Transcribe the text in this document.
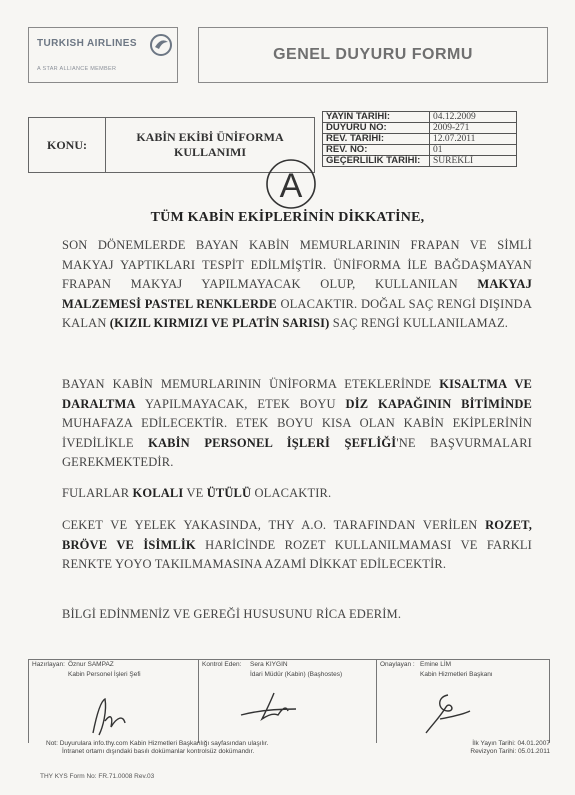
TURKISH AIRLINES
A STAR ALLIANCE MEMBER
GENEL DUYURU FORMU
KONU:
KABİN EKİBİ ÜNİFORMA
KULLANIMI
YAYIN TARİHİ:	04.12.2009
DUYURU NO:	2009-271
REV. TARİHİ:	12.07.2011
REV. NO:	01
GEÇERLİLİK TARİHİ:	SÜREKLİ
A
TÜM KABİN EKİPLERİNİN DİKKATİNE,
SON DÖNEMLERDE BAYAN KABİN MEMURLARININ FRAPAN VE SİMLİ MAKYAJ YAPTIKLARI TESPİT EDİLMİŞTİR. ÜNİFORMA İLE BAĞDAŞMAYAN FRAPAN MAKYAJ YAPILMAYACAK OLUP, KULLANILAN MAKYAJ MALZEMESİ PASTEL RENKLERDE OLACAKTIR. DOĞAL SAÇ RENGİ DIŞINDA KALAN (KIZIL KIRMIZI VE PLATİN SARISI) SAÇ RENGİ KULLANILAMAZ.
BAYAN KABİN MEMURLARININ ÜNİFORMA ETEKLERİNDE KISALTMA VE DARALTMA YAPILMAYACAK, ETEK BOYU DİZ KAPAĞININ BİTİMİNDE MUHAFAZA EDİLECEKTİR. ETEK BOYU KISA OLAN KABİN EKİPLERİNİN İVEDİLİKLE KABİN PERSONEL İŞLERİ ŞEFLİĞİ'NE BAŞVURMALARI GEREKMEKTEDİR.
FULARLAR KOLALI VE ÜTÜLÜ OLACAKTIR.
CEKET VE YELEK YAKASINDA, THY A.O. TARAFINDAN VERİLEN ROZET, BRÖVE VE İSİMLİK HARİCİNDE ROZET KULLANILMAMASI VE FARKLI RENKTE YOYO TAKILMAMASINA AZAMİ DİKKAT EDİLECEKTİR.
BİLGİ EDİNMENİZ VE GEREĞİ HUSUSUNU RİCA EDERİM.
Hazırlayan: Öznur SAMPAZ
Kabin Personel İşleri Şefi
Kontrol Eden: Sera KIYGIN
İdari Müdür (Kabin) (Başhostes)
Onaylayan : Emine LİM
Kabin Hizmetleri Başkanı
Not: Duyurulara info.thy.com Kabin Hizmetleri Başkanlığı sayfasından ulaşılır.
İntranet ortamı dışındaki basılı dokümanlar kontrolsüz dokümandır.
İlk Yayın Tarihi: 04.01.2007
Revizyon Tarihi: 05.01.2011
THY KYS Form No: FR.71.0008 Rev.03
